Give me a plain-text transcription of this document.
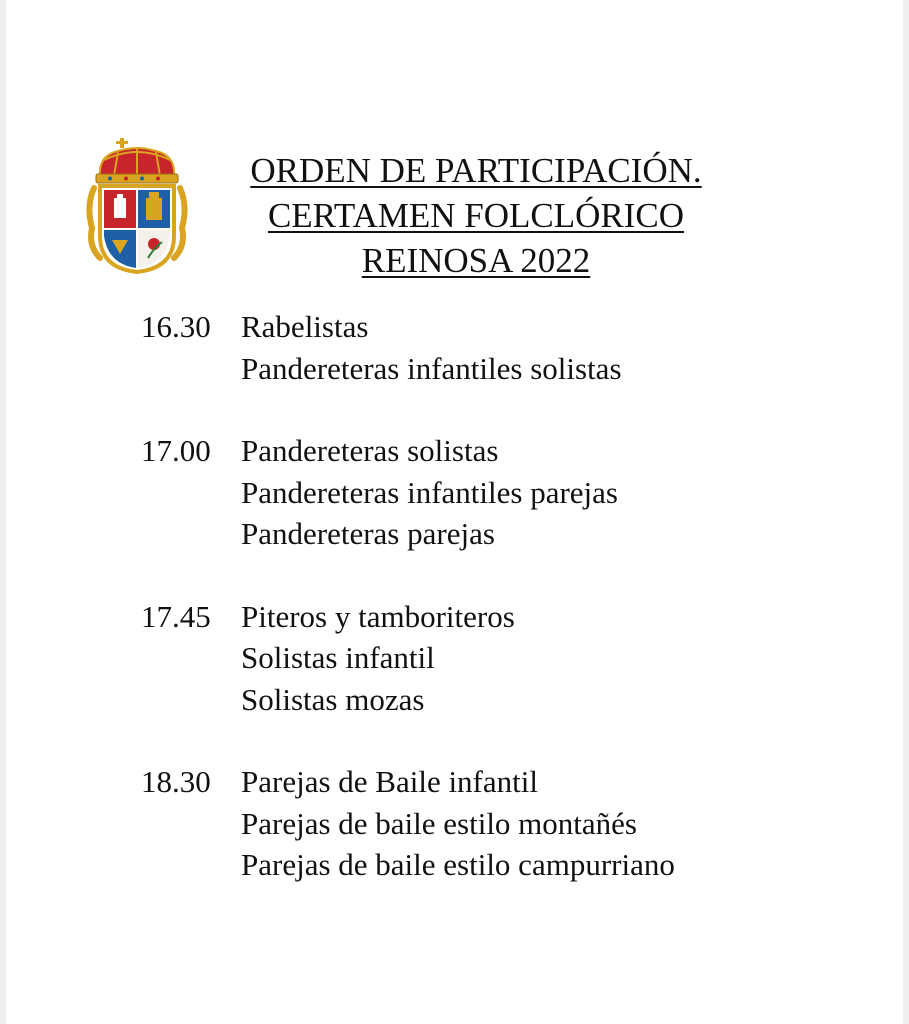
ORDEN DE PARTICIPACIÓN.
CERTAMEN FOLCLÓRICO
REINOSA 2022
16.30 Rabelistas
Pandereteras infantiles solistas
17.00 Pandereteras solistas
Pandereteras infantiles parejas
Pandereteras parejas
17.45 Piteros y tamboriteros
Solistas infantil
Solistas mozas
18.30 Parejas de Baile infantil
Parejas de baile estilo montañés
Parejas de baile estilo campurriano
